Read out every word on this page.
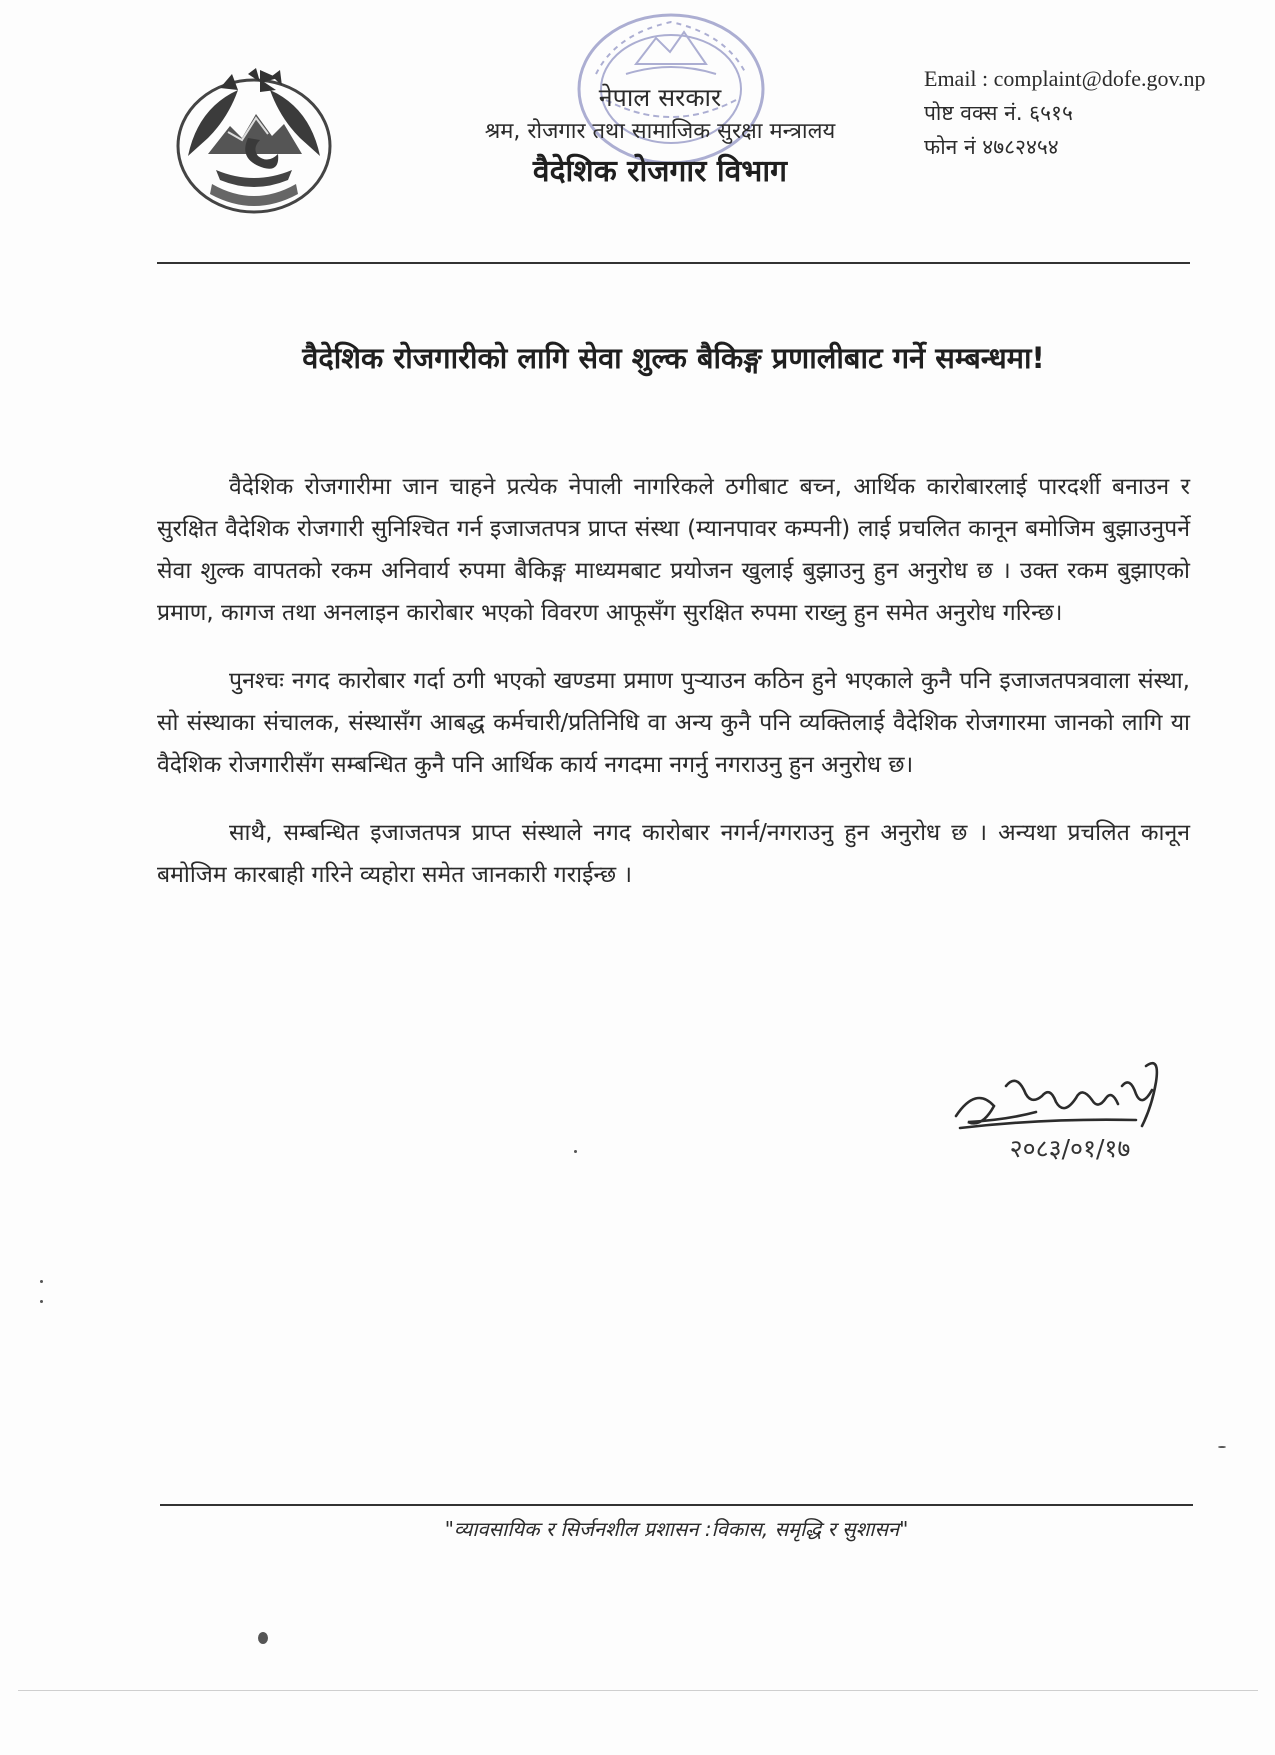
नेपाल सरकार
श्रम, रोजगार तथा सामाजिक सुरक्षा मन्त्रालय
वैदेशिक रोजगार विभाग
Email : complaint@dofe.gov.np
पोष्ट वक्स नं. ६५१५
फोन नं ४७८२४५४
वैदेशिक रोजगारीको लागि सेवा शुल्क बैकिङ्ग प्रणालीबाट गर्ने सम्बन्धमा!

वैदेशिक रोजगारीमा जान चाहने प्रत्येक नेपाली नागरिकले ठगीबाट बच्न, आर्थिक कारोबारलाई पारदर्शी बनाउन र सुरक्षित वैदेशिक रोजगारी सुनिश्चित गर्न इजाजतपत्र प्राप्त संस्था (म्यानपावर कम्पनी) लाई प्रचलित कानून बमोजिम बुझाउनुपर्ने सेवा शुल्क वापतको रकम अनिवार्य रुपमा बैकिङ्ग माध्यमबाट प्रयोजन खुलाई बुझाउनु हुन अनुरोध छ । उक्त रकम बुझाएको प्रमाण, कागज तथा अनलाइन कारोबार भएको विवरण आफूसँग सुरक्षित रुपमा राख्नु हुन समेत अनुरोध गरिन्छ।

पुनश्चः नगद कारोबार गर्दा ठगी भएको खण्डमा प्रमाण पुऱ्याउन कठिन हुने भएकाले कुनै पनि इजाजतपत्रवाला संस्था, सो संस्थाका संचालक, संस्थासँग आबद्ध कर्मचारी/प्रतिनिधि वा अन्य कुनै पनि व्यक्तिलाई वैदेशिक रोजगारमा जानको लागि या वैदेशिक रोजगारीसँग सम्बन्धित कुनै पनि आर्थिक कार्य नगदमा नगर्नु नगराउनु हुन अनुरोध छ।

साथै, सम्बन्धित इजाजतपत्र प्राप्त संस्थाले नगद कारोबार नगर्न/नगराउनु हुन अनुरोध छ । अन्यथा प्रचलित कानून बमोजिम कारबाही गरिने व्यहोरा समेत जानकारी गराईन्छ ।

२०८३/०१/१७
"व्यावसायिक र सिर्जनशील प्रशासन :विकास, समृद्धि र सुशासन"
